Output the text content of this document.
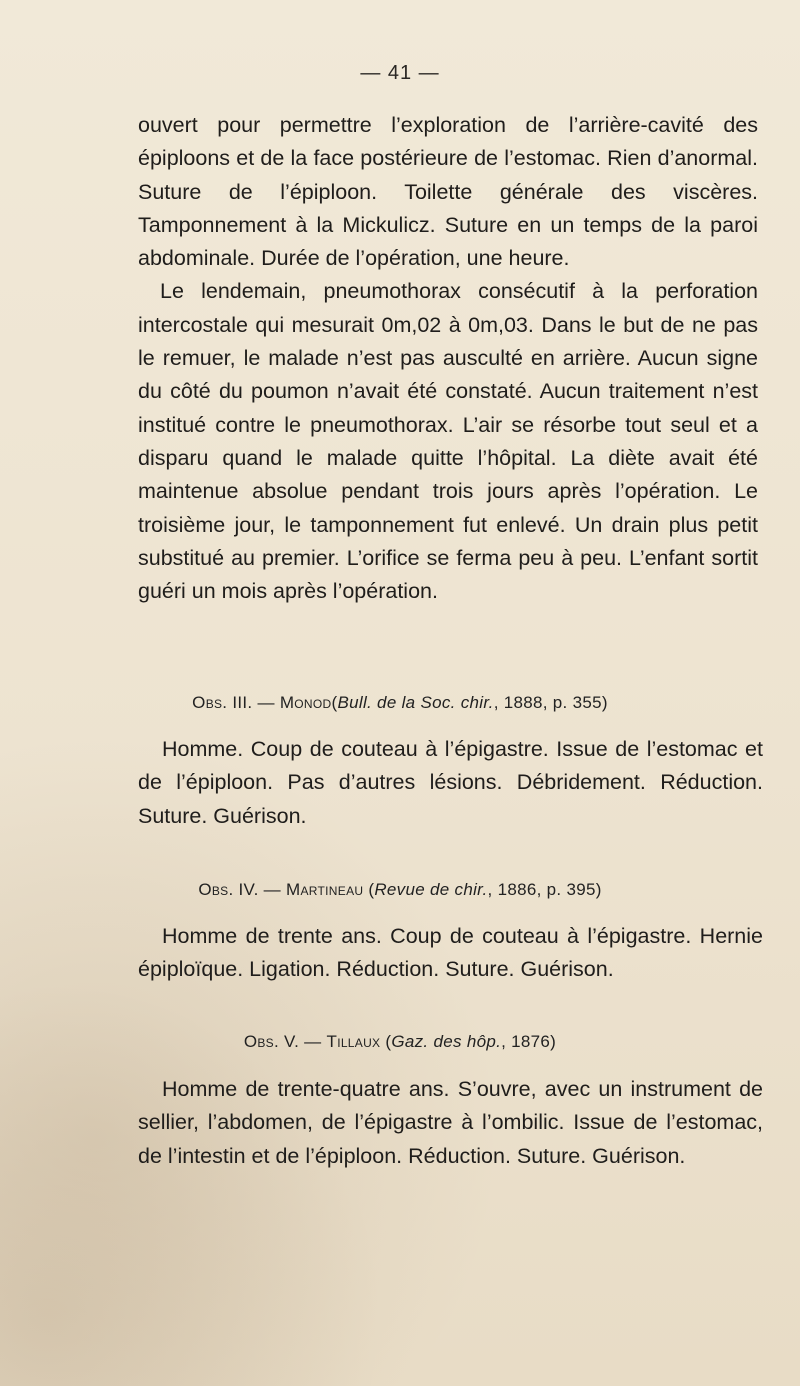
— 41 —

ouvert pour permettre l’exploration de l’arrière-cavité des épiploons et de la face postérieure de l’estomac. Rien d’anormal. Suture de l’épiploon. Toilette générale des viscères. Tamponnement à la Mickulicz. Suture en un temps de la paroi abdominale. Durée de l’opération, une heure.

Le lendemain, pneumothorax consécutif à la perforation intercostale qui mesurait 0m,02 à 0m,03. Dans le but de ne pas le remuer, le malade n’est pas ausculté en arrière. Aucun signe du côté du poumon n’avait été constaté. Aucun traitement n’est institué contre le pneumothorax. L’air se résorbe tout seul et a disparu quand le malade quitte l’hôpital. La diète avait été maintenue absolue pendant trois jours après l’opération. Le troisième jour, le tamponnement fut enlevé. Un drain plus petit substitué au premier. L’orifice se ferma peu à peu. L’enfant sortit guéri un mois après l’opération.

Obs. III. — Monod(Bull. de la Soc. chir., 1888, p. 355)

Homme. Coup de couteau à l’épigastre. Issue de l’estomac et de l’épiploon. Pas d’autres lésions. Débridement. Réduction. Suture. Guérison.

Obs. IV. — Martineau (Revue de chir., 1886, p. 395)

Homme de trente ans. Coup de couteau à l’épigastre. Hernie épiploïque. Ligation. Réduction. Suture. Guérison.

Obs. V. — Tillaux (Gaz. des hôp., 1876)

Homme de trente-quatre ans. S’ouvre, avec un instrument de sellier, l’abdomen, de l’épigastre à l’ombilic. Issue de l’estomac, de l’intestin et de l’épiploon. Réduction. Suture. Guérison.
